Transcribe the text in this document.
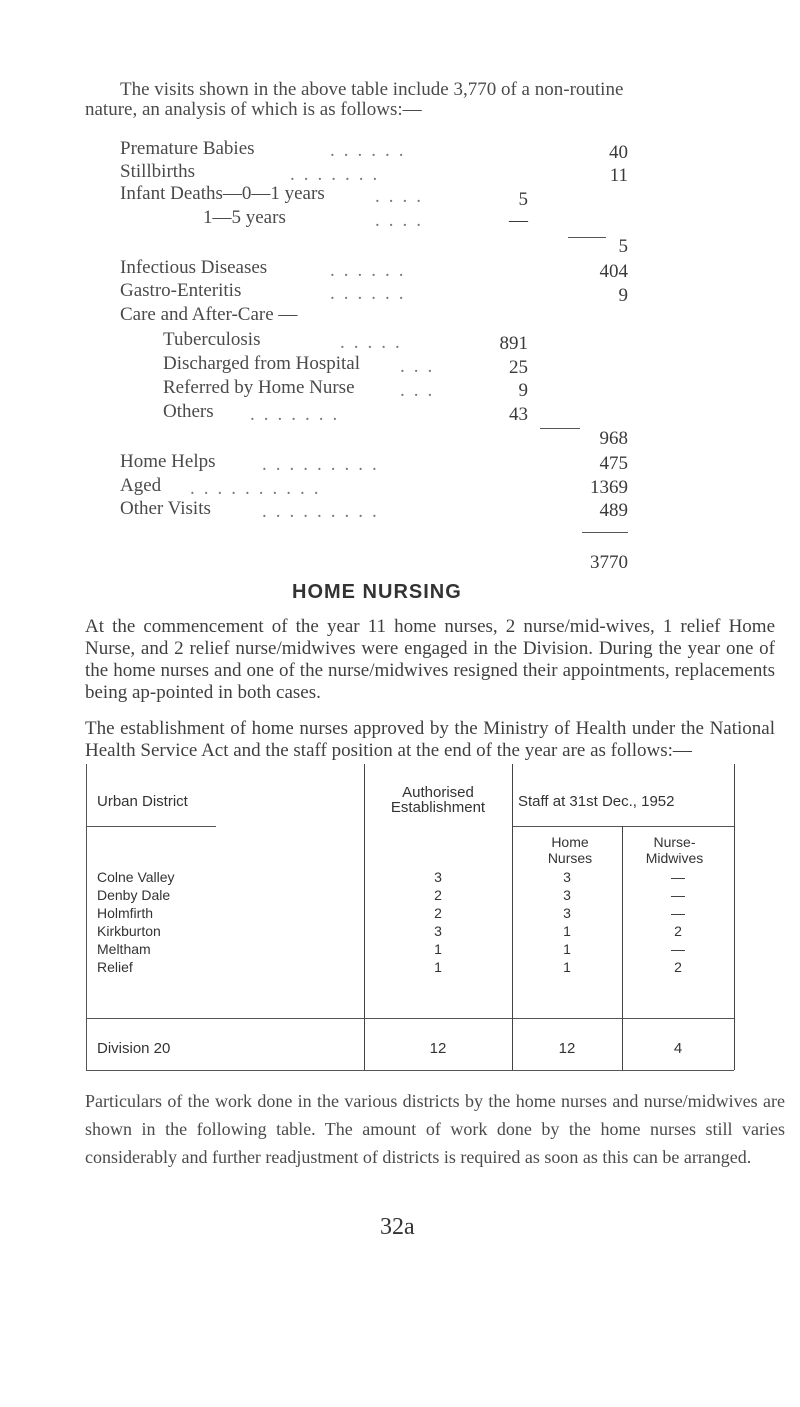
The visits shown in the above table include 3,770 of a non-routine
nature, an analysis of which is as follows:—
Premature Babies	......	40
Stillbirths	.......	11
Infant Deaths—0—1 years	....	5
1—5 years	....	—
5
Infectious Diseases	......	404
Gastro-Enteritis	......	9
Care and After-Care —
Tuberculosis	.....	891
Discharged from Hospital ...	25
Referred by Home Nurse ...	9
Others .......	43
968
Home Helps .........	475
Aged ..........	1369
Other Visits	.........	489
3770
HOME NURSING
At the commencement of the year 11 home nurses, 2 nurse/mid-wives, 1 relief Home Nurse, and 2 relief nurse/midwives were engaged in the Division. During the year one of the home nurses and one of the nurse/midwives resigned their appointments, replacements being ap-pointed in both cases.
The establishment of home nurses approved by the Ministry of Health under the National Health Service Act and the staff position at the end of the year are as follows:—
Urban District
Authorised Establishment	Staff at 31st Dec., 1952
Home Nurses
Nurse-Midwives
Colne Valley	3	3	—
Denby Dale	2	3	—
Holmfirth	2	3	—
Kirkburton	3	1	2
Meltham	1	1	—
Relief	1	1	2
Division 20	12	12	4
Particulars of the work done in the various districts by the home nurses and nurse/midwives are shown in the following table. The amount of work done by the home nurses still varies considerably and further readjustment of districts is required as soon as this can be arranged.
32a
